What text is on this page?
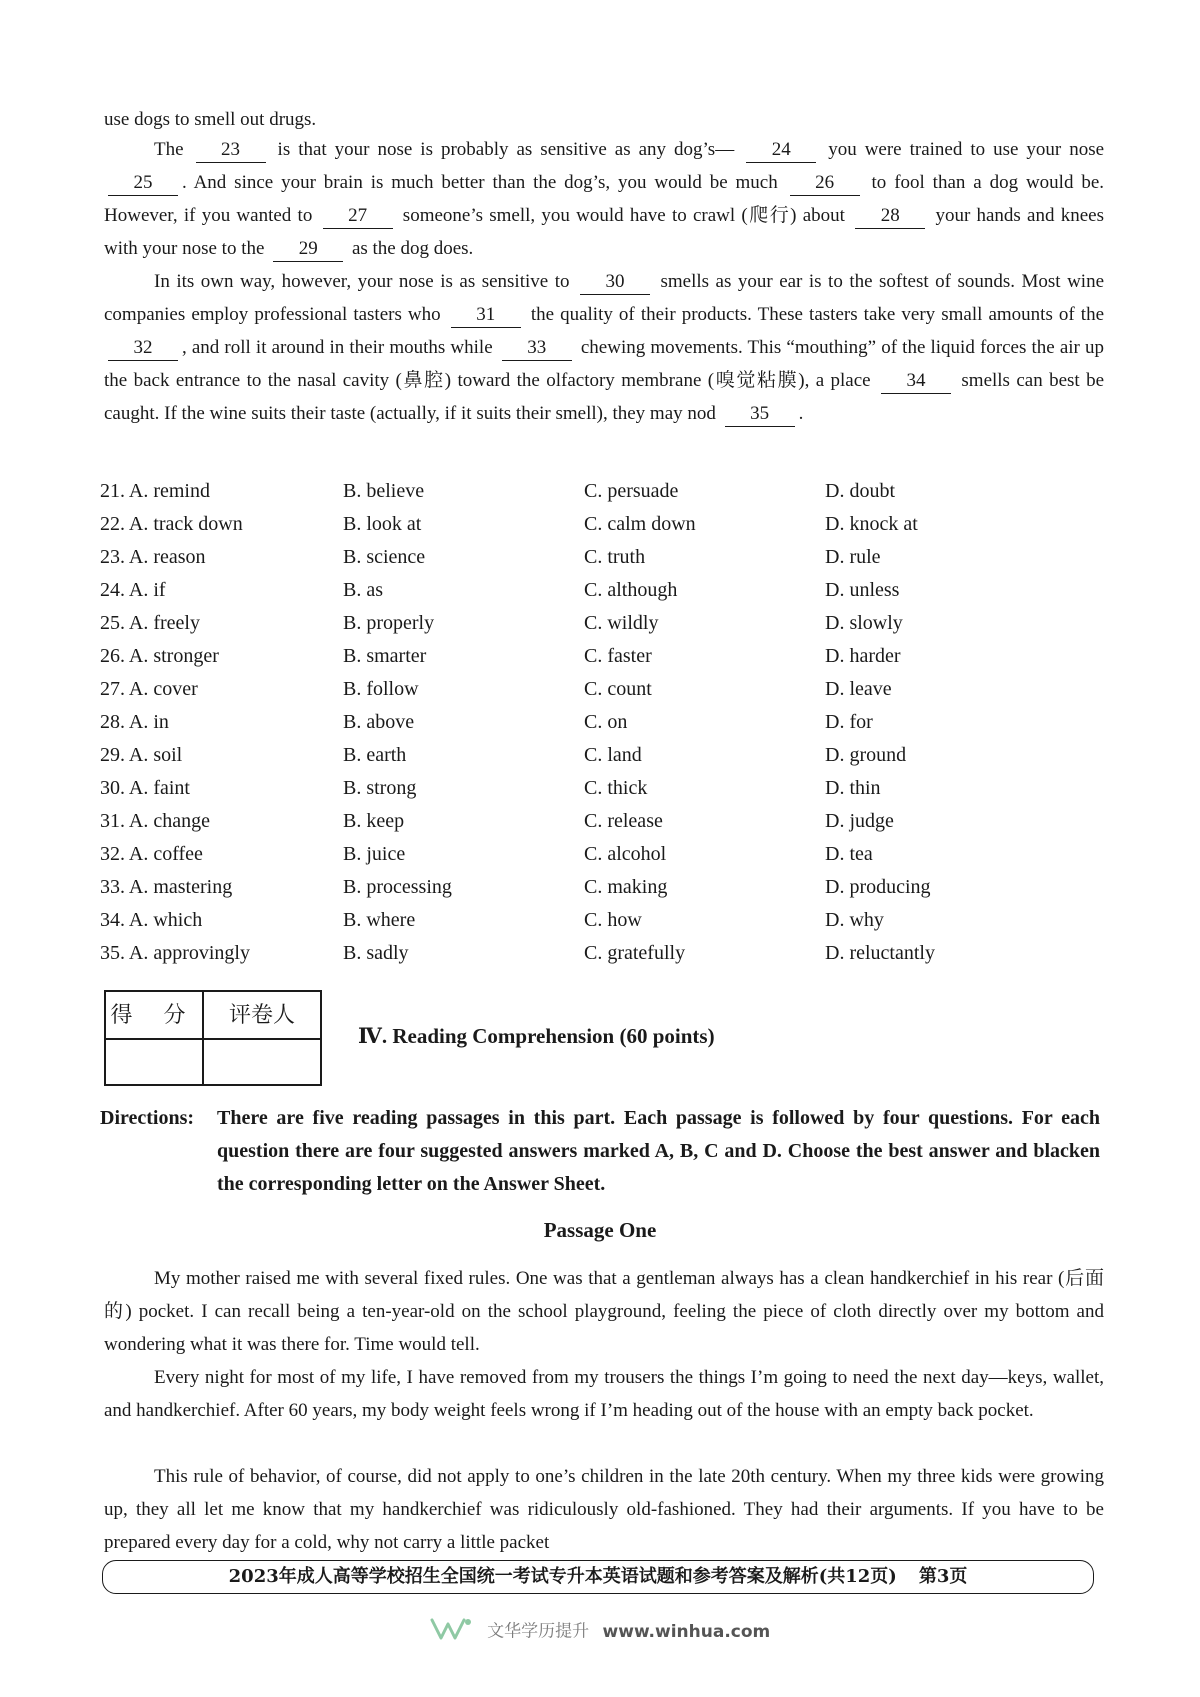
use dogs to smell out drugs.
The 23 is that your nose is probably as sensitive as any dog’s— 24 you were trained to use your nose 25 . And since your brain is much better than the dog’s, you would be much 26 to fool than a dog would be. However, if you wanted to 27 someone’s smell, you would have to crawl (爬行) about 28 your hands and knees with your nose to the 29 as the dog does.
In its own way, however, your nose is as sensitive to 30 smells as your ear is to the softest of sounds. Most wine companies employ professional tasters who 31 the quality of their products. These tasters take very small amounts of the 32 , and roll it around in their mouths while 33 chewing movements. This “mouthing” of the liquid forces the air up the back entrance to the nasal cavity (鼻腔) toward the olfactory membrane (嗅觉粘膜), a place 34 smells can best be caught. If the wine suits their taste (actually, if it suits their smell), they may nod 35 .
21. A. remind	B. believe	C. persuade	D. doubt
22. A. track down	B. look at	C. calm down	D. knock at
23. A. reason	B. science	C. truth	D. rule
24. A. if	B. as	C. although	D. unless
25. A. freely	B. properly	C. wildly	D. slowly
26. A. stronger	B. smarter	C. faster	D. harder
27. A. cover	B. follow	C. count	D. leave
28. A. in	B. above	C. on	D. for
29. A. soil	B. earth	C. land	D. ground
30. A. faint	B. strong	C. thick	D. thin
31. A. change	B. keep	C. release	D. judge
32. A. coffee	B. juice	C. alcohol	D. tea
33. A. mastering	B. processing	C. making	D. producing
34. A. which	B. where	C. how	D. why
35. A. approvingly	B. sadly	C. gratefully	D. reluctantly
得 分	评卷人
Ⅳ. Reading Comprehension (60 points)
Directions: There are five reading passages in this part. Each passage is followed by four questions. For each question there are four suggested answers marked A, B, C and D. Choose the best answer and blacken the corresponding letter on the Answer Sheet.
Passage One
My mother raised me with several fixed rules. One was that a gentleman always has a clean handkerchief in his rear (后面的) pocket. I can recall being a ten-year-old on the school playground, feeling the piece of cloth directly over my bottom and wondering what it was there for. Time would tell.
Every night for most of my life, I have removed from my trousers the things I’m going to need the next day—keys, wallet, and handkerchief. After 60 years, my body weight feels wrong if I’m heading out of the house with an empty back pocket.
This rule of behavior, of course, did not apply to one’s children in the late 20th century. When my three kids were growing up, they all let me know that my handkerchief was ridiculously old-fashioned. They had their arguments. If you have to be prepared every day for a cold, why not carry a little packet
2023年成人高等学校招生全国统一考试专升本英语试题和参考答案及解析(共12页) 第3页
文华学历提升 www.winhua.com
